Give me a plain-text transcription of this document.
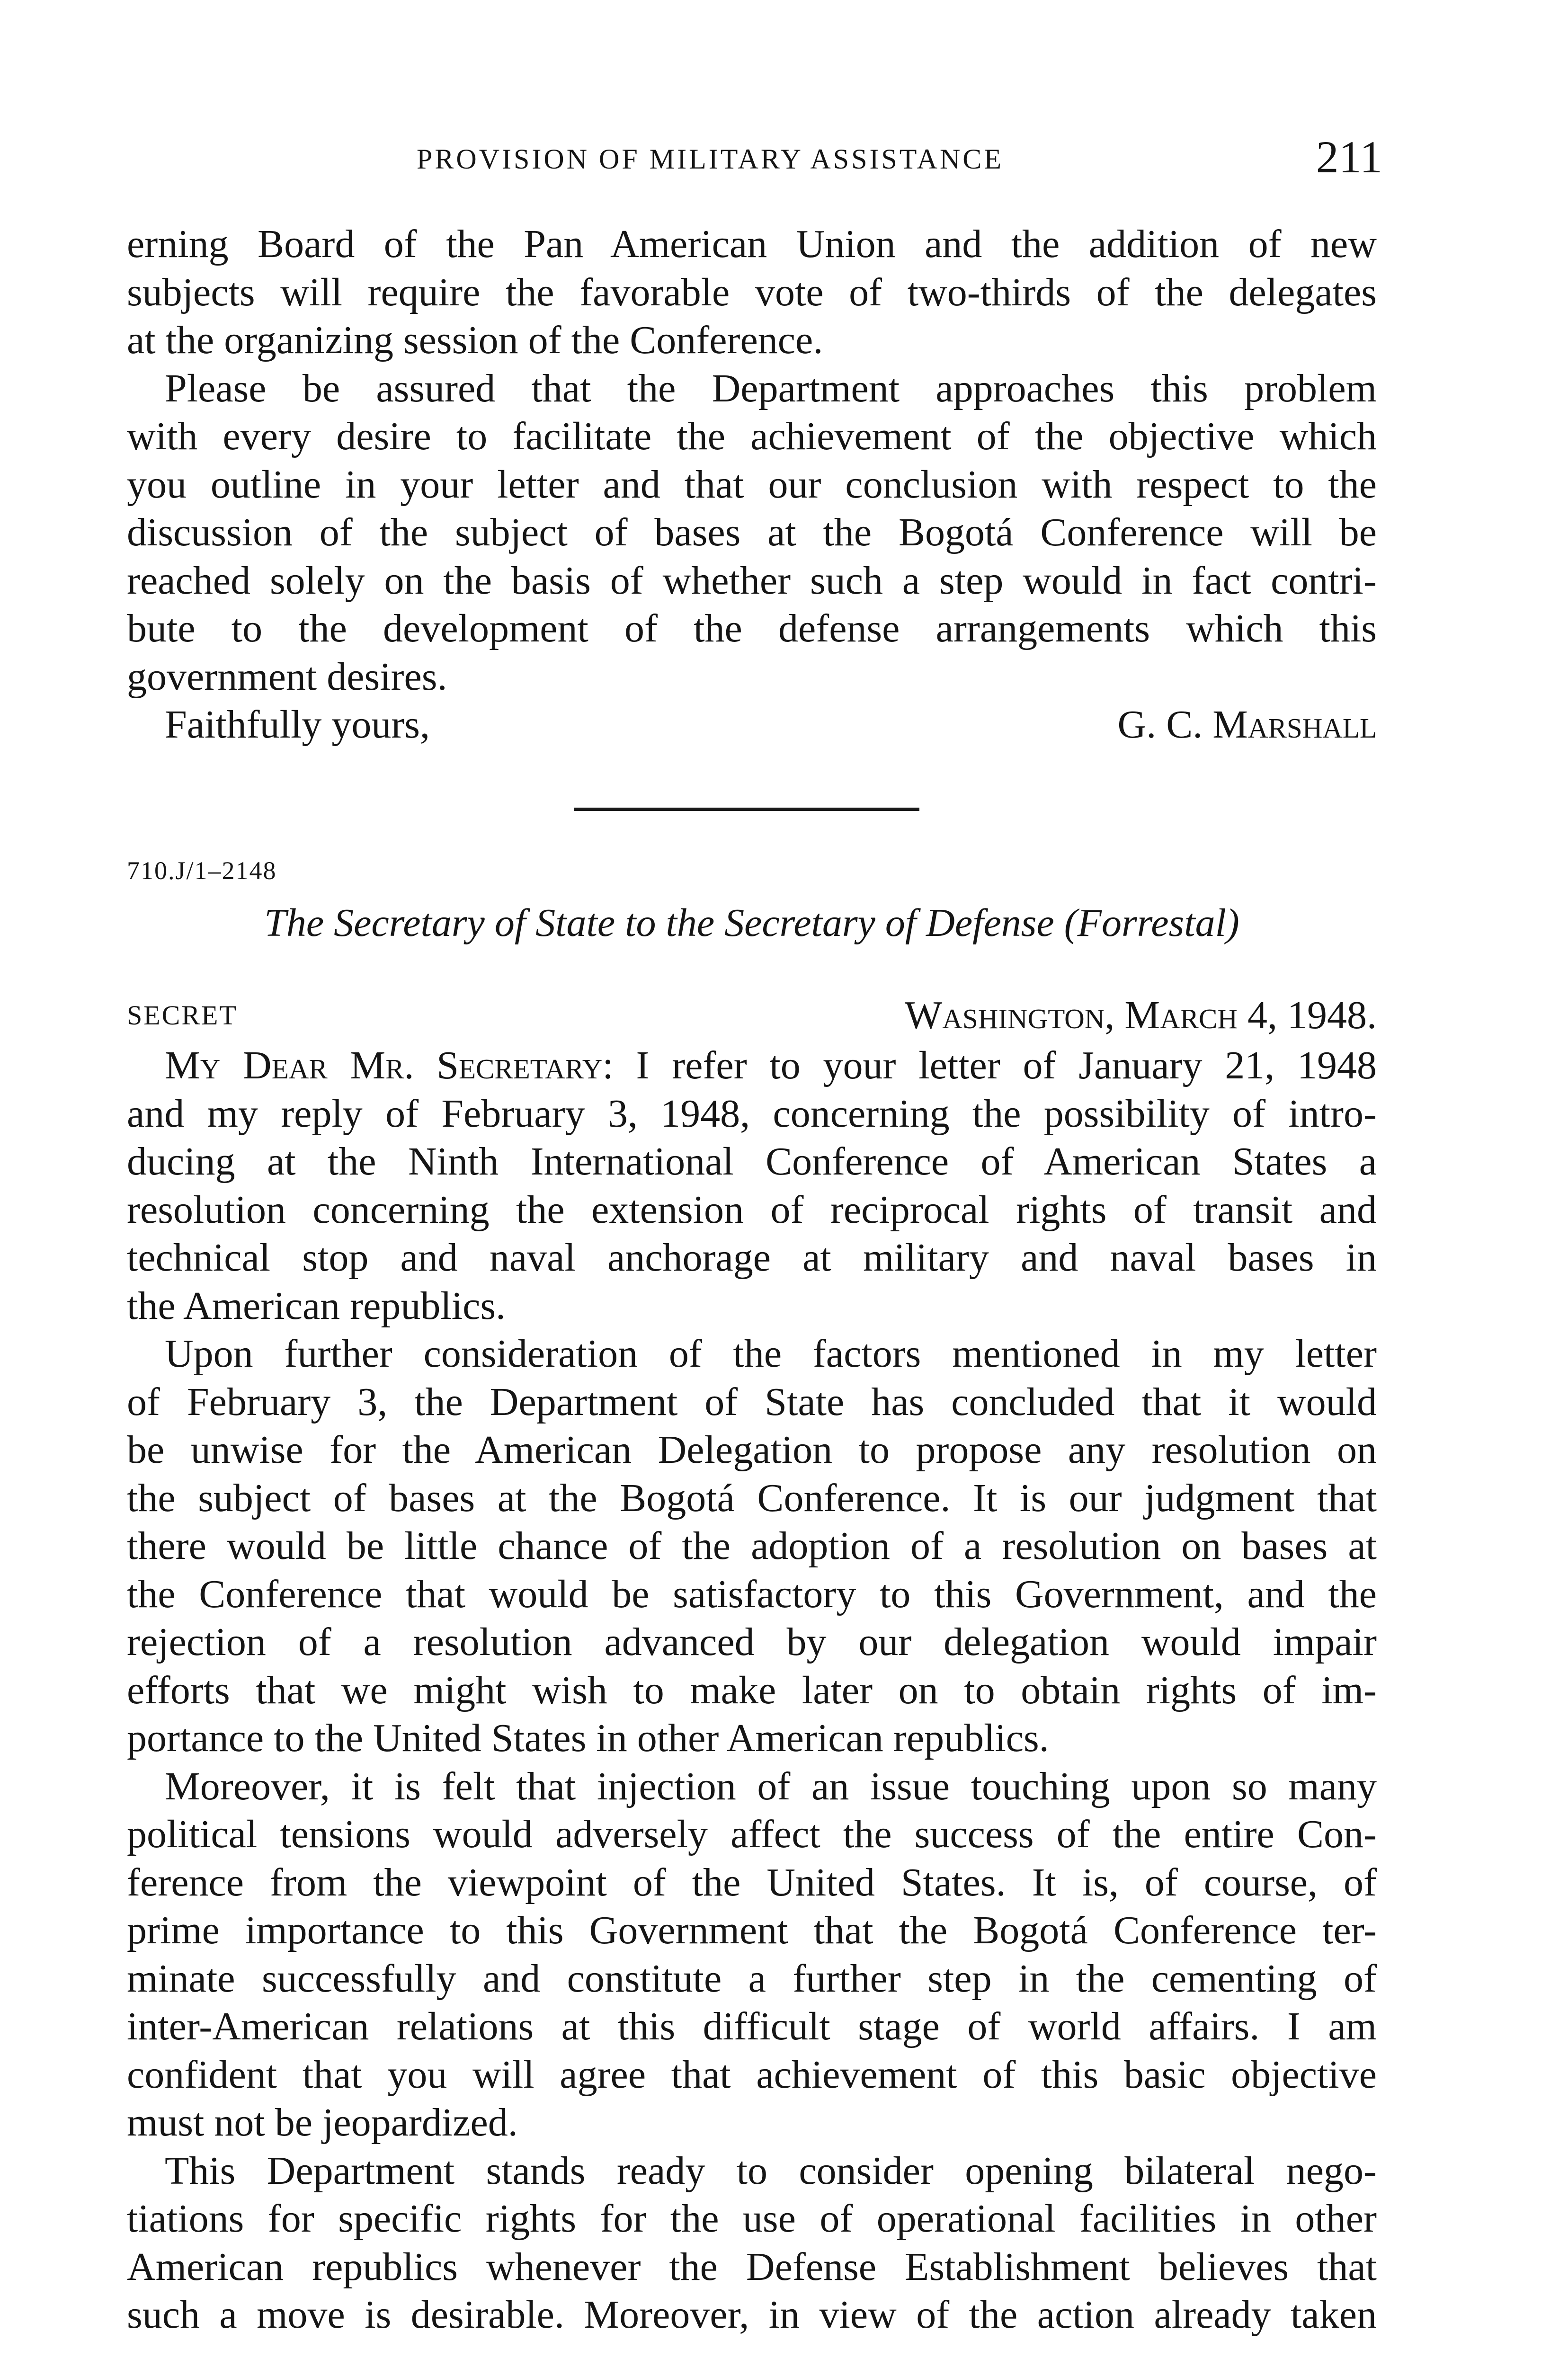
PROVISION OF MILITARY ASSISTANCE	211
erning Board of the Pan American Union and the addition of new
subjects will require the favorable vote of two-thirds of the delegates
at the organizing session of the Conference.
Please be assured that the Department approaches this problem
with every desire to facilitate the achievement of the objective which
you outline in your letter and that our conclusion with respect to the
discussion of the subject of bases at the Bogotá Conference will be
reached solely on the basis of whether such a step would in fact contri-
bute to the development of the defense arrangements which this
government desires.
Faithfully yours,	G. C. Marshall
710.J/1–2148
The Secretary of State to the Secretary of Defense (Forrestal)
SECRET	Washington, March 4, 1948.
My Dear Mr. Secretary: I refer to your letter of January 21, 1948
and my reply of February 3, 1948, concerning the possibility of intro-
ducing at the Ninth International Conference of American States a
resolution concerning the extension of reciprocal rights of transit and
technical stop and naval anchorage at military and naval bases in
the American republics.
Upon further consideration of the factors mentioned in my letter
of February 3, the Department of State has concluded that it would
be unwise for the American Delegation to propose any resolution on
the subject of bases at the Bogotá Conference. It is our judgment that
there would be little chance of the adoption of a resolution on bases at
the Conference that would be satisfactory to this Government, and the
rejection of a resolution advanced by our delegation would impair
efforts that we might wish to make later on to obtain rights of im-
portance to the United States in other American republics.
Moreover, it is felt that injection of an issue touching upon so many
political tensions would adversely affect the success of the entire Con-
ference from the viewpoint of the United States. It is, of course, of
prime importance to this Government that the Bogotá Conference ter-
minate successfully and constitute a further step in the cementing of
inter-American relations at this difficult stage of world affairs. I am
confident that you will agree that achievement of this basic objective
must not be jeopardized.
This Department stands ready to consider opening bilateral nego-
tiations for specific rights for the use of operational facilities in other
American republics whenever the Defense Establishment believes that
such a move is desirable. Moreover, in view of the action already taken
